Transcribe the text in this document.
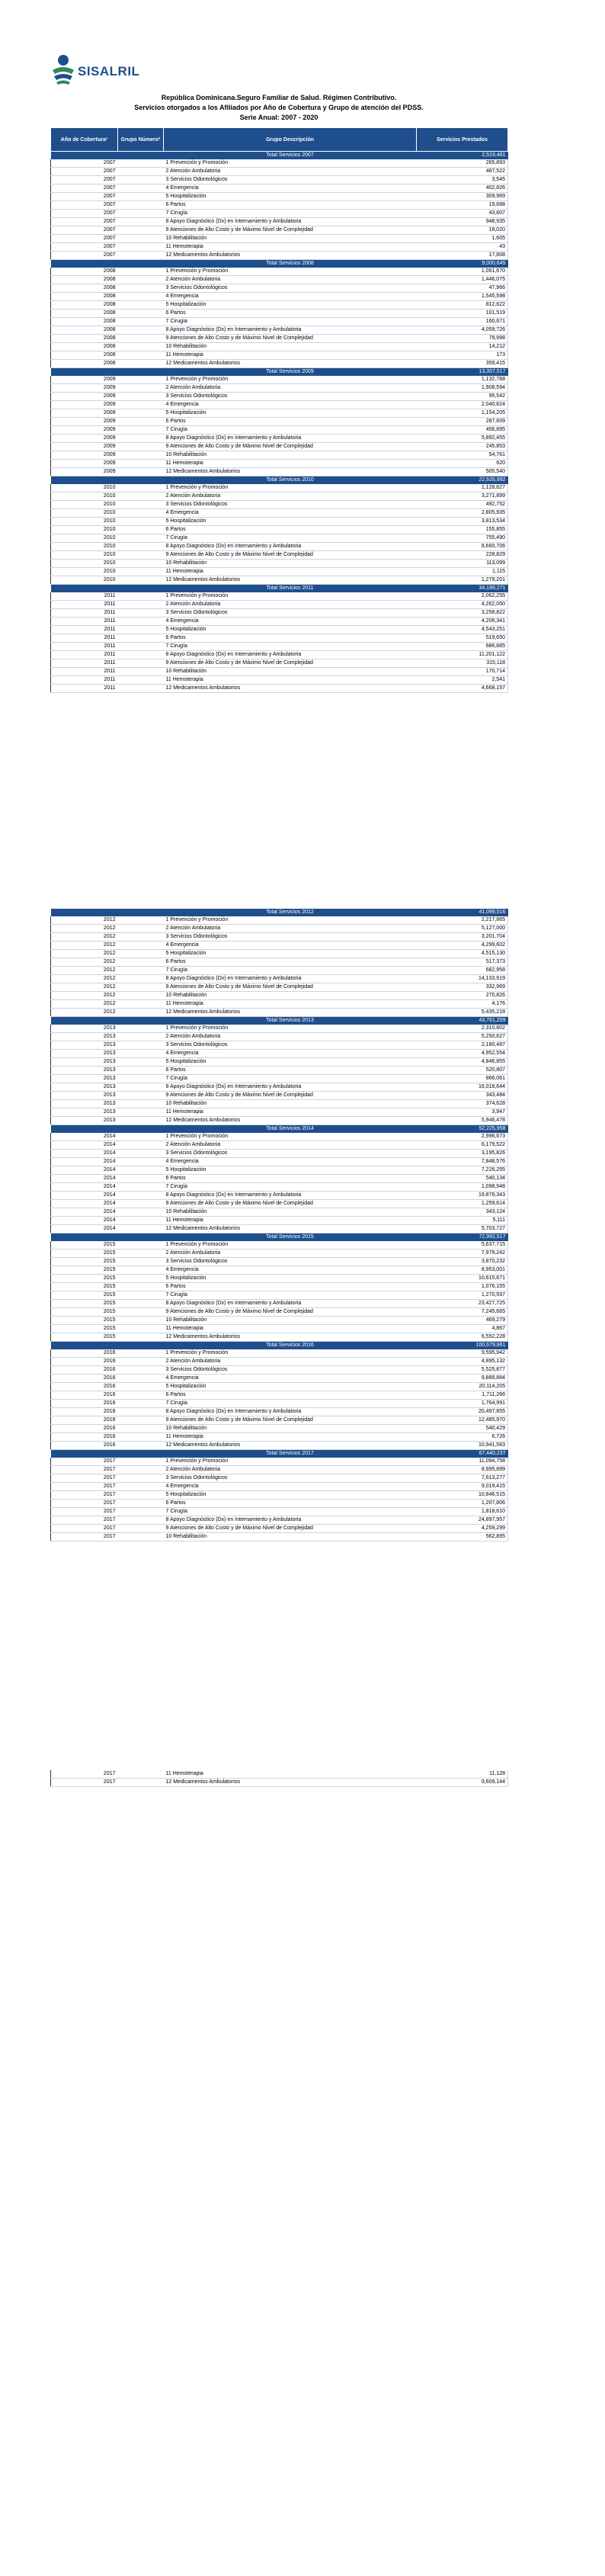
SISALRIL
República Dominicana.Seguro Familiar de Salud. Régimen Contributivo.
Servicios otorgados a los Afiliados por Año de Cobertura y Grupo de atención del PDSS.
Serie Anual: 2007 - 2020
Año de Cobertura¹	Grupo Número²	Grupo Descripción	Servicios Prestados
		Total Servicios 2007	2,519,461
2007		1 Prevención y Promoción	265,893
2007		2 Atención Ambulatoria	487,522
2007		3 Servicios Odontológicos	3,545
2007		4 Emergencia	402,826
2007		5 Hospitalización	309,969
2007		6 Partos	19,688
2007		7 Cirugía	43,607
2007		8 Apoyo Diagnóstico (Dx) en Internamiento y Ambulatoria	948,935
2007		9 Atenciones de Alto Costo y de Máximo Nivel de Complejidad	18,020
2007		10 Rehabilitación	1,605
2007		11 Hemoterapia	43
2007		12 Medicamentos Ambulatorios	17,808
		Total Servicios 2008	9,000,645
2008		1 Prevención y Promoción	1,061,670
2008		2 Atención Ambulatoria	1,446,075
2008		3 Servicios Odontológicos	47,966
2008		4 Emergencia	1,545,598
2008		5 Hospitalización	812,622
2008		6 Partos	101,519
2008		7 Cirugía	160,671
2008		8 Apoyo Diagnóstico (Dx) en Internamiento y Ambulatoria	4,059,726
2008		9 Atenciones de Alto Costo y de Máximo Nivel de Complejidad	79,998
2008		10 Rehabilitación	14,212
2008		11 Hemoterapia	173
2008		12 Medicamentos Ambulatorios	359,415
		Total Servicios 2009	13,357,517
2009		1 Prevención y Promoción	1,132,768
2009		2 Atención Ambulatoria	1,908,594
2009		3 Servicios Odontológicos	95,542
2009		4 Emergencia	2,040,824
2009		5 Hospitalización	1,154,205
2009		6 Partos	287,609
2009		7 Cirugía	456,895
2009		8 Apoyo Diagnóstico (Dx) en Internamiento y Ambulatoria	5,892,455
2009		9 Atenciones de Alto Costo y de Máximo Nivel de Complejidad	245,853
2009		10 Rehabilitación	54,761
2009		11 Hemoterapia	620
2009		12 Medicamentos Ambulatorios	505,540
		Total Servicios 2010	22,626,992
2010		1 Prevención y Promoción	1,128,627
2010		2 Atención Ambulatoria	3,271,899
2010		3 Servicios Odontológicos	492,752
2010		4 Emergencia	2,805,935
2010		5 Hospitalización	3,813,534
2010		6 Partos	155,855
2010		7 Cirugía	755,490
2010		8 Apoyo Diagnóstico (Dx) en Internamiento y Ambulatoria	8,660,706
2010		9 Atenciones de Alto Costo y de Máximo Nivel de Complejidad	228,829
2010		10 Rehabilitación	113,099
2010		11 Hemoterapia	1,115
2010		12 Medicamentos Ambulatorios	1,279,201
		Total Servicios 2011	34,189,271
2011		1 Prevención y Promoción	2,062,255
2011		2 Atención Ambulatoria	4,262,050
2011		3 Servicios Odontológicos	3,258,822
2011		4 Emergencia	4,206,341
2011		5 Hospitalización	4,543,251
2011		6 Partos	519,650
2011		7 Cirugía	686,885
2011		8 Apoyo Diagnóstico (Dx) en Internamiento y Ambulatoria	11,201,122
2011		9 Atenciones de Alto Costo y de Máximo Nivel de Complejidad	315,118
2011		10 Rehabilitación	170,714
2011		11 Hemoterapia	2,541
2011		12 Medicamentos Ambulatorios	4,668,157
		Total Servicios 2012	41,099,516
2012		1 Prevención y Promoción	2,217,865
2012		2 Atención Ambulatoria	5,127,000
2012		3 Servicios Odontológicos	3,201,704
2012		4 Emergencia	4,299,602
2012		5 Hospitalización	4,515,130
2012		6 Partos	517,373
2012		7 Cirugía	682,958
2012		8 Apoyo Diagnóstico (Dx) en Internamiento y Ambulatoria	14,133,919
2012		9 Atenciones de Alto Costo y de Máximo Nivel de Complejidad	332,969
2012		10 Rehabilitación	270,826
2012		11 Hemoterapia	4,176
2012		12 Medicamentos Ambulatorios	5,435,218
		Total Servicios 2013	43,761,259
2013		1 Prevención y Promoción	2,310,802
2013		2 Atención Ambulatoria	5,250,627
2013		3 Servicios Odontológicos	2,180,487
2013		4 Emergencia	4,952,554
2013		5 Hospitalización	4,846,855
2013		6 Partos	520,807
2013		7 Cirugía	866,061
2013		8 Apoyo Diagnóstico (Dx) en Internamiento y Ambulatoria	16,018,644
2013		9 Atenciones de Alto Costo y de Máximo Nivel de Complejidad	343,484
2013		10 Rehabilitación	374,628
2013		11 Hemoterapia	3,947
2013		12 Medicamentos Ambulatorios	5,946,478
		Total Servicios 2014	52,225,958
2014		1 Prevención y Promoción	2,996,673
2014		2 Atención Ambulatoria	6,179,522
2014		3 Servicios Odontológicos	3,195,826
2014		4 Emergencia	7,848,576
2014		5 Hospitalización	7,226,255
2014		6 Partos	540,134
2014		7 Cirugía	1,098,948
2014		8 Apoyo Diagnóstico (Dx) en Internamiento y Ambulatoria	19,879,343
2014		9 Atenciones de Alto Costo y de Máximo Nivel de Complejidad	1,259,614
2014		10 Rehabilitación	343,124
2014		11 Hemoterapia	5,111
2014		12 Medicamentos Ambulatorios	5,703,727
		Total Servicios 2015	72,992,517
2015		1 Prevención y Promoción	5,637,715
2015		2 Atención Ambulatoria	7,979,242
2015		3 Servicios Odontológicos	3,870,232
2015		4 Emergencia	8,953,001
2015		5 Hospitalización	10,615,671
2015		6 Partos	1,076,155
2015		7 Cirugía	1,270,597
2015		8 Apoyo Diagnóstico (Dx) en Internamiento y Ambulatoria	23,427,725
2015		9 Atenciones de Alto Costo y de Máximo Nivel de Complejidad	7,245,665
2015		10 Rehabilitación	469,279
2015		11 Hemoterapia	4,867
2015		12 Medicamentos Ambulatorios	6,552,228
		Total Servicios 2016	100,679,861
2016		1 Prevención y Promoción	9,595,942
2016		2 Atención Ambulatoria	4,895,132
2016		3 Servicios Odontológicos	5,525,877
2016		4 Emergencia	9,889,884
2016		5 Hospitalización	20,114,205
2016		6 Partos	1,711,266
2016		7 Cirugía	1,764,991
2016		8 Apoyo Diagnóstico (Dx) en Internamiento y Ambulatoria	20,497,855
2016		9 Atenciones de Alto Costo y de Máximo Nivel de Complejidad	12,485,970
2016		10 Rehabilitación	540,429
2016		11 Hemoterapia	6,726
2016		12 Medicamentos Ambulatorios	10,941,583
		Total Servicios 2017	67,440,237
2017		1 Prevención y Promoción	11,094,758
2017		2 Atención Ambulatoria	8,995,899
2017		3 Servicios Odontológicos	7,613,277
2017		4 Emergencia	9,019,415
2017		5 Hospitalización	10,846,515
2017		6 Partos	1,207,806
2017		7 Cirugía	1,818,610
2017		8 Apoyo Diagnóstico (Dx) en Internamiento y Ambulatoria	24,897,957
2017		9 Atenciones de Alto Costo y de Máximo Nivel de Complejidad	4,259,299
2017		10 Rehabilitación	562,895
2017		11 Hemoterapia	11,128
2017		12 Medicamentos Ambulatorios	9,609,144
